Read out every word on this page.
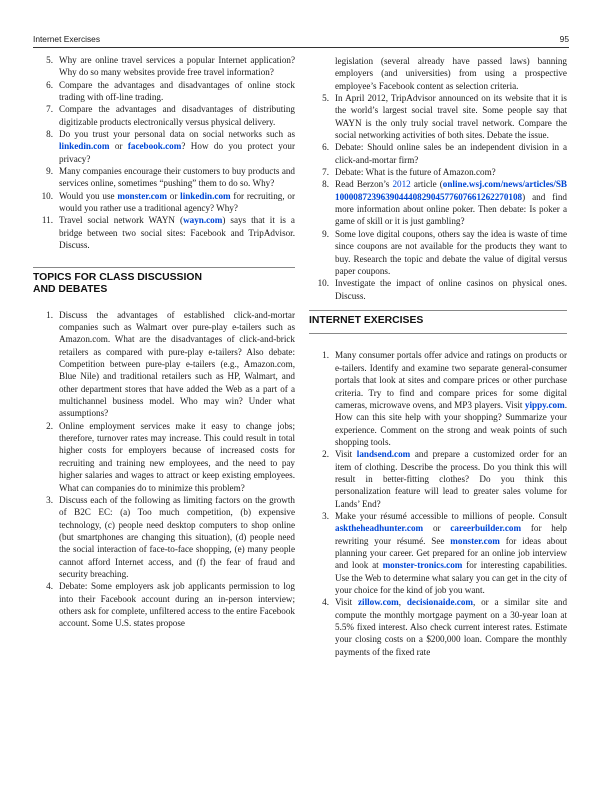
Internet Exercises	95
5. Why are online travel services a popular Internet application? Why do so many websites provide free travel information?
6. Compare the advantages and disadvantages of online stock trading with off-line trading.
7. Compare the advantages and disadvantages of distributing digitizable products electronically versus physical delivery.
8. Do you trust your personal data on social networks such as linkedin.com or facebook.com? How do you protect your privacy?
9. Many companies encourage their customers to buy products and services online, sometimes “pushing” them to do so. Why?
10. Would you use monster.com or linkedin.com for recruiting, or would you rather use a traditional agency? Why?
11. Travel social network WAYN (wayn.com) says that it is a bridge between two social sites: Facebook and TripAdvisor. Discuss.
TOPICS FOR CLASS DISCUSSION
AND DEBATES
1. Discuss the advantages of established click-and-mortar companies such as Walmart over pure-play e-tailers such as Amazon.com. What are the disadvantages of click-and-brick retailers as compared with pure-play e-tailers? Also debate: Competition between pure-play e-tailers (e.g., Amazon.com, Blue Nile) and traditional retailers such as HP, Walmart, and other department stores that have added the Web as a part of a multichannel business model. Who may win? Under what assumptions?
2. Online employment services make it easy to change jobs; therefore, turnover rates may increase. This could result in total higher costs for employers because of increased costs for recruiting and training new employees, and the need to pay higher salaries and wages to attract or keep existing employees. What can companies do to minimize this problem?
3. Discuss each of the following as limiting factors on the growth of B2C EC: (a) Too much competition, (b) expensive technology, (c) people need desktop computers to shop online (but smartphones are changing this situation), (d) people need the social interaction of face-to-face shopping, (e) many people cannot afford Internet access, and (f) the fear of fraud and security breaching.
4. Debate: Some employers ask job applicants permission to log into their Facebook account during an in-person interview; others ask for complete, unfiltered access to the entire Facebook account. Some U.S. states propose
legislation (several already have passed laws) banning employers (and universities) from using a prospective employee’s Facebook content as selection criteria.
5. In April 2012, TripAdvisor announced on its website that it is the world’s largest social travel site. Some people say that WAYN is the only truly social travel network. Compare the social networking activities of both sites. Debate the issue.
6. Debate: Should online sales be an independent division in a click-and-mortar firm?
7. Debate: What is the future of Amazon.com?
8. Read Berzon’s 2012 article (online.wsj.com/news/articles/SB10000872396390444082904577607661262270108) and find more information about online poker. Then debate: Is poker a game of skill or it is just gambling?
9. Some love digital coupons, others say the idea is waste of time since coupons are not available for the products they want to buy. Research the topic and debate the value of digital versus paper coupons.
10. Investigate the impact of online casinos on physical ones. Discuss.
INTERNET EXERCISES
1. Many consumer portals offer advice and ratings on products or e-tailers. Identify and examine two separate general-consumer portals that look at sites and compare prices or other purchase criteria. Try to find and compare prices for some digital cameras, microwave ovens, and MP3 players. Visit yippy.com. How can this site help with your shopping? Summarize your experience. Comment on the strong and weak points of such shopping tools.
2. Visit landsend.com and prepare a customized order for an item of clothing. Describe the process. Do you think this will result in better-fitting clothes? Do you think this personalization feature will lead to greater sales volume for Lands’ End?
3. Make your résumé accessible to millions of people. Consult asktheheadhunter.com or careerbuilder.com for help rewriting your résumé. See monster.com for ideas about planning your career. Get prepared for an online job interview and look at monster-tronics.com for interesting capabilities. Use the Web to determine what salary you can get in the city of your choice for the kind of job you want.
4. Visit zillow.com, decisionaide.com, or a similar site and compute the monthly mortgage payment on a 30-year loan at 5.5% fixed interest. Also check current interest rates. Estimate your closing costs on a $200,000 loan. Compare the monthly payments of the fixed rate
